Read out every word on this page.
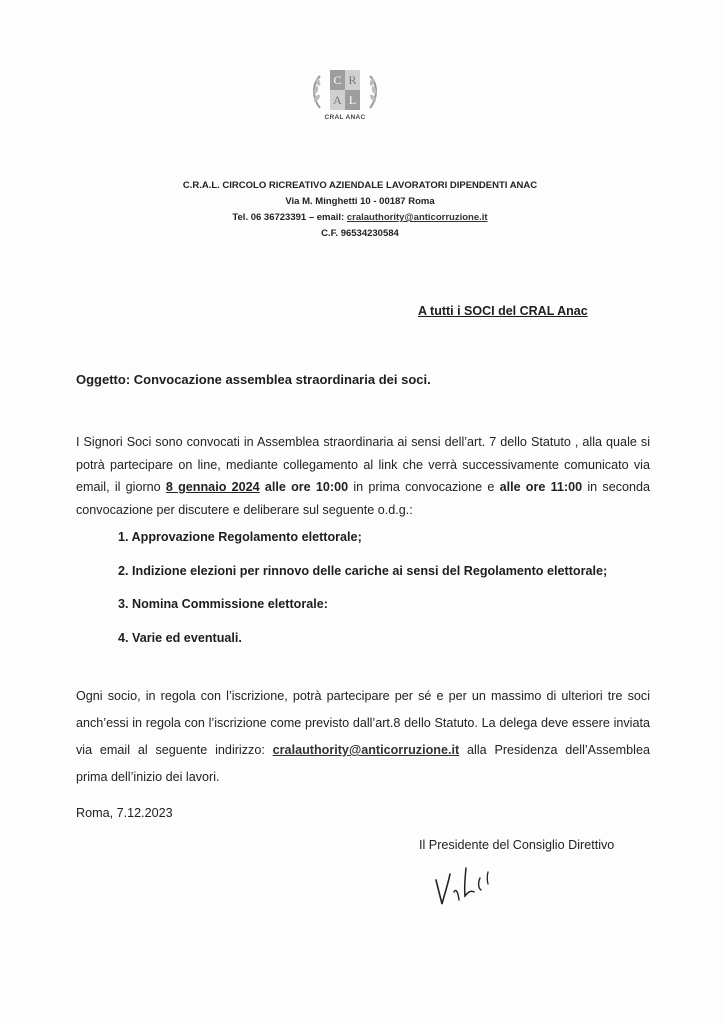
C R
A L
CRAL ANAC
C.R.A.L. CIRCOLO RICREATIVO AZIENDALE LAVORATORI DIPENDENTI ANAC
Via M. Minghetti 10 - 00187 Roma
Tel. 06 36723391 – email: cralauthority@anticorruzione.it
C.F. 96534230584
A tutti i SOCI del CRAL Anac
Oggetto: Convocazione assemblea straordinaria dei soci.
I Signori Soci sono convocati in Assemblea straordinaria ai sensi dell’art. 7 dello Statuto , alla quale si potrà partecipare on line, mediante collegamento al link che verrà successivamente comunicato via email, il giorno 8 gennaio 2024 alle ore 10:00 in prima convocazione e alle ore 11:00 in seconda convocazione per discutere e deliberare sul seguente o.d.g.:
1. Approvazione Regolamento elettorale;
2. Indizione elezioni per rinnovo delle cariche ai sensi del Regolamento elettorale;
3. Nomina Commissione elettorale:
4. Varie ed eventuali.
Ogni socio, in regola con l’iscrizione, potrà partecipare per sé e per un massimo di ulteriori tre soci anch’essi in regola con l’iscrizione come previsto dall’art.8 dello Statuto. La delega deve essere inviata via email al seguente indirizzo: cralauthority@anticorruzione.it alla Presidenza dell’Assemblea prima dell’inizio dei lavori.
Roma, 7.12.2023
Il Presidente del Consiglio Direttivo
